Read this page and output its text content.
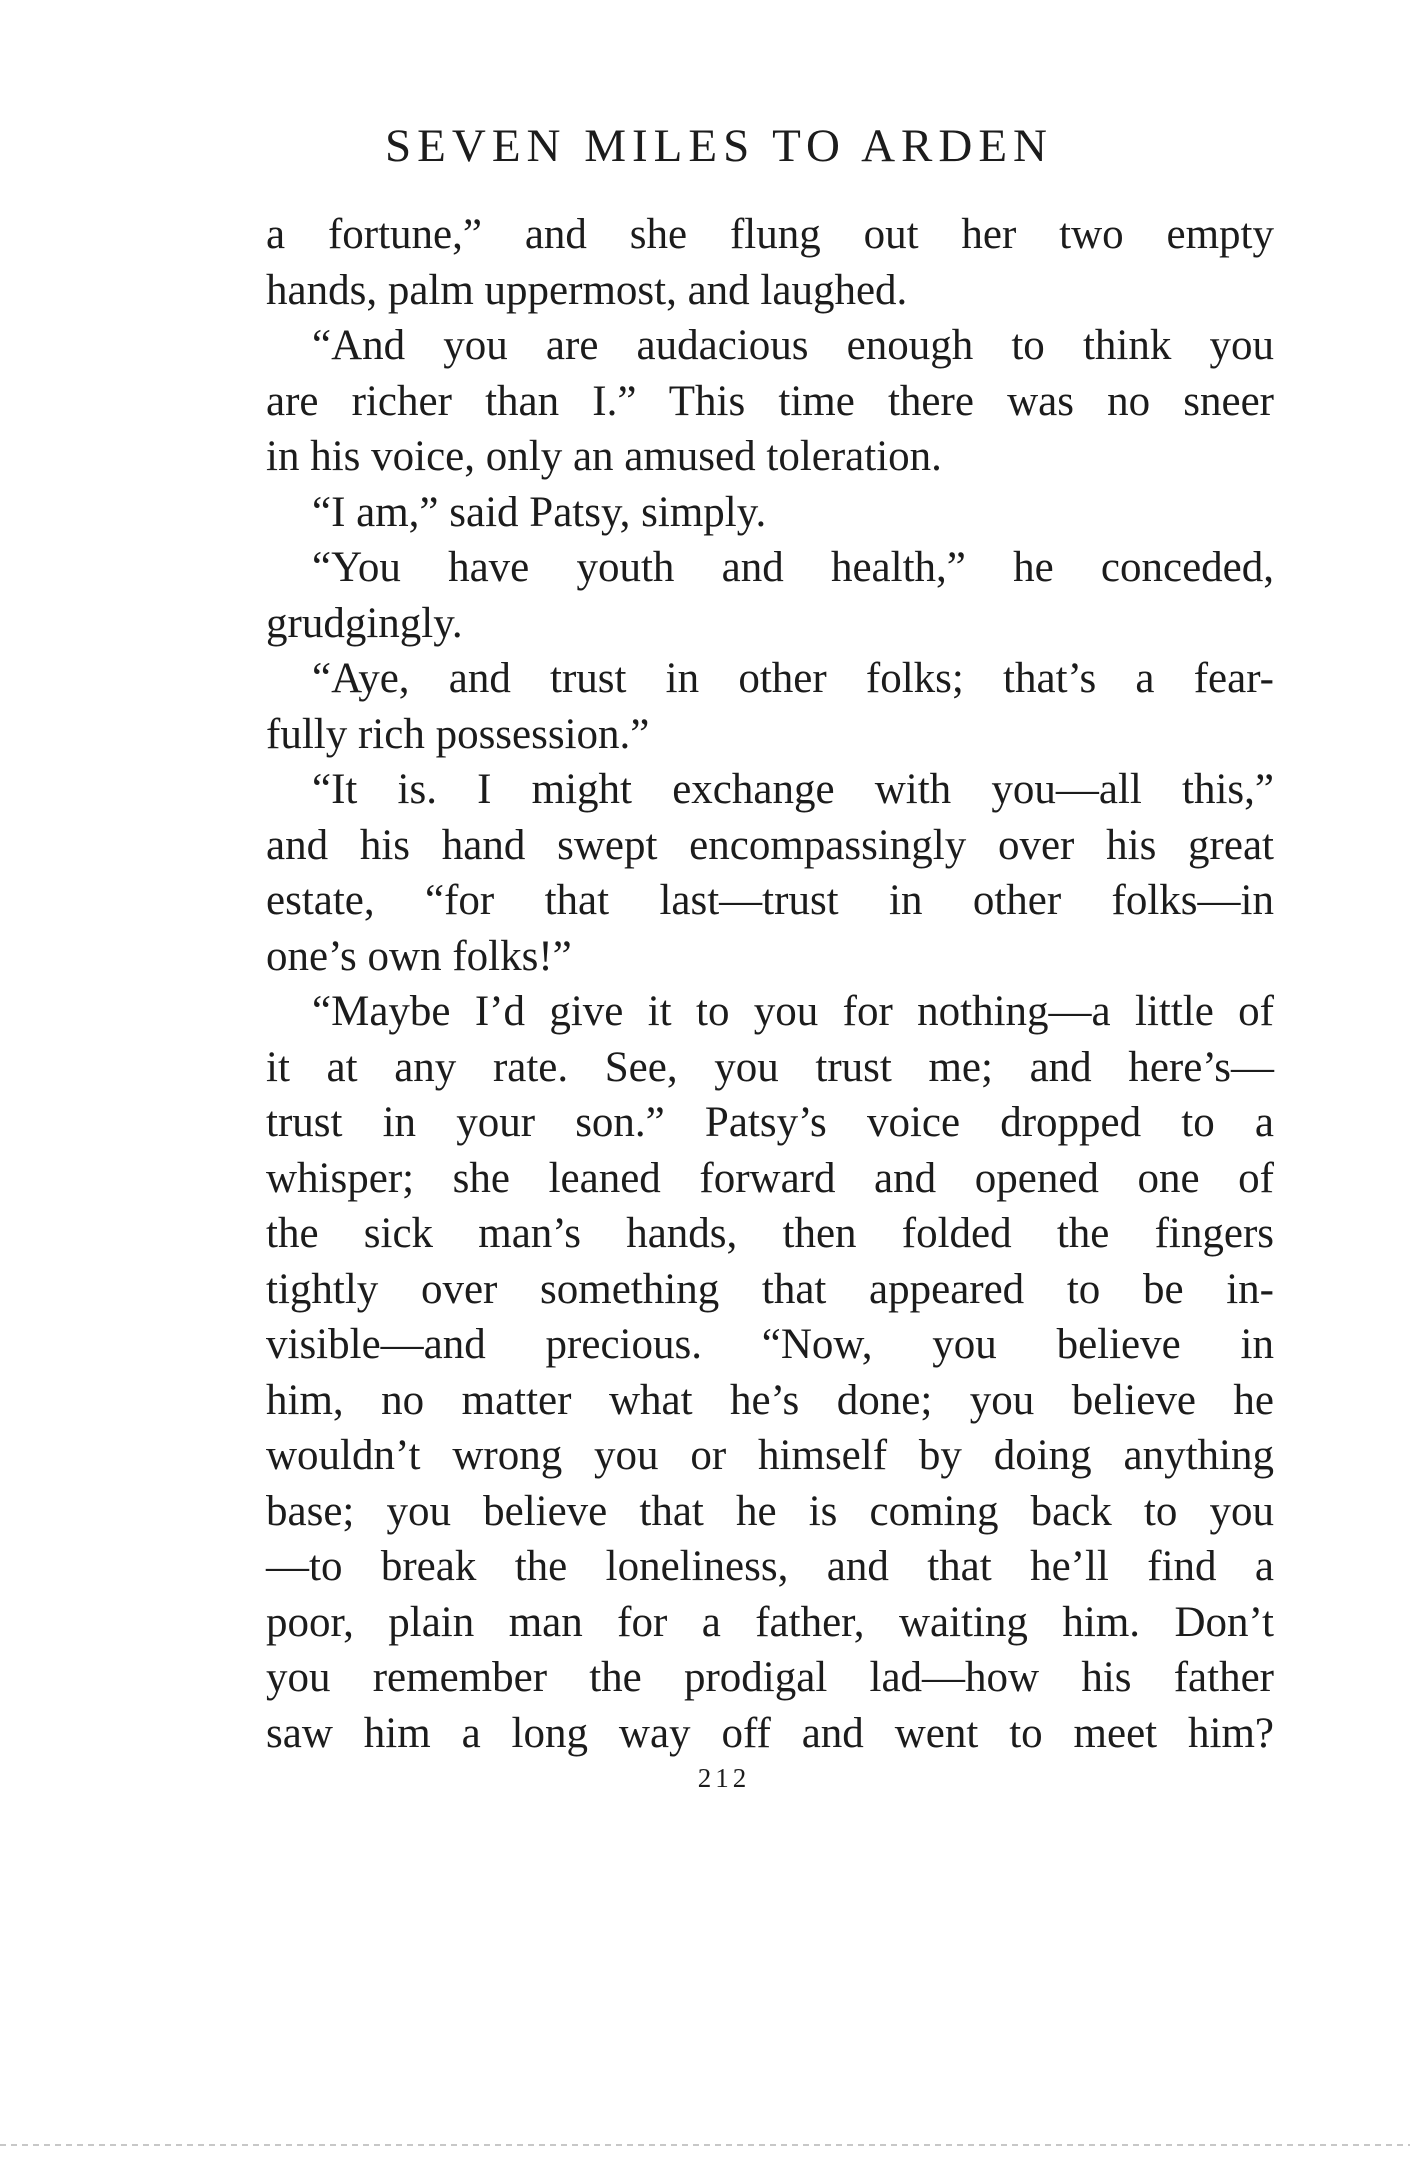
SEVEN MILES TO ARDEN
a fortune,” and she flung out her two empty
hands, palm uppermost, and laughed.
“And you are audacious enough to think you
are richer than I.” This time there was no sneer
in his voice, only an amused toleration.
“I am,” said Patsy, simply.
“You have youth and health,” he conceded,
grudgingly.
“Aye, and trust in other folks; that’s a fear-
fully rich possession.”
“It is. I might exchange with you—all this,”
and his hand swept encompassingly over his great
estate, “for that last—trust in other folks—in
one’s own folks!”
“Maybe I’d give it to you for nothing—a little of
it at any rate. See, you trust me; and here’s—
trust in your son.” Patsy’s voice dropped to a
whisper; she leaned forward and opened one of
the sick man’s hands, then folded the fingers
tightly over something that appeared to be in-
visible—and precious. “Now, you believe in
him, no matter what he’s done; you believe he
wouldn’t wrong you or himself by doing anything
base; you believe that he is coming back to you
—to break the loneliness, and that he’ll find a
poor, plain man for a father, waiting him. Don’t
you remember the prodigal lad—how his father
saw him a long way off and went to meet him?
212
